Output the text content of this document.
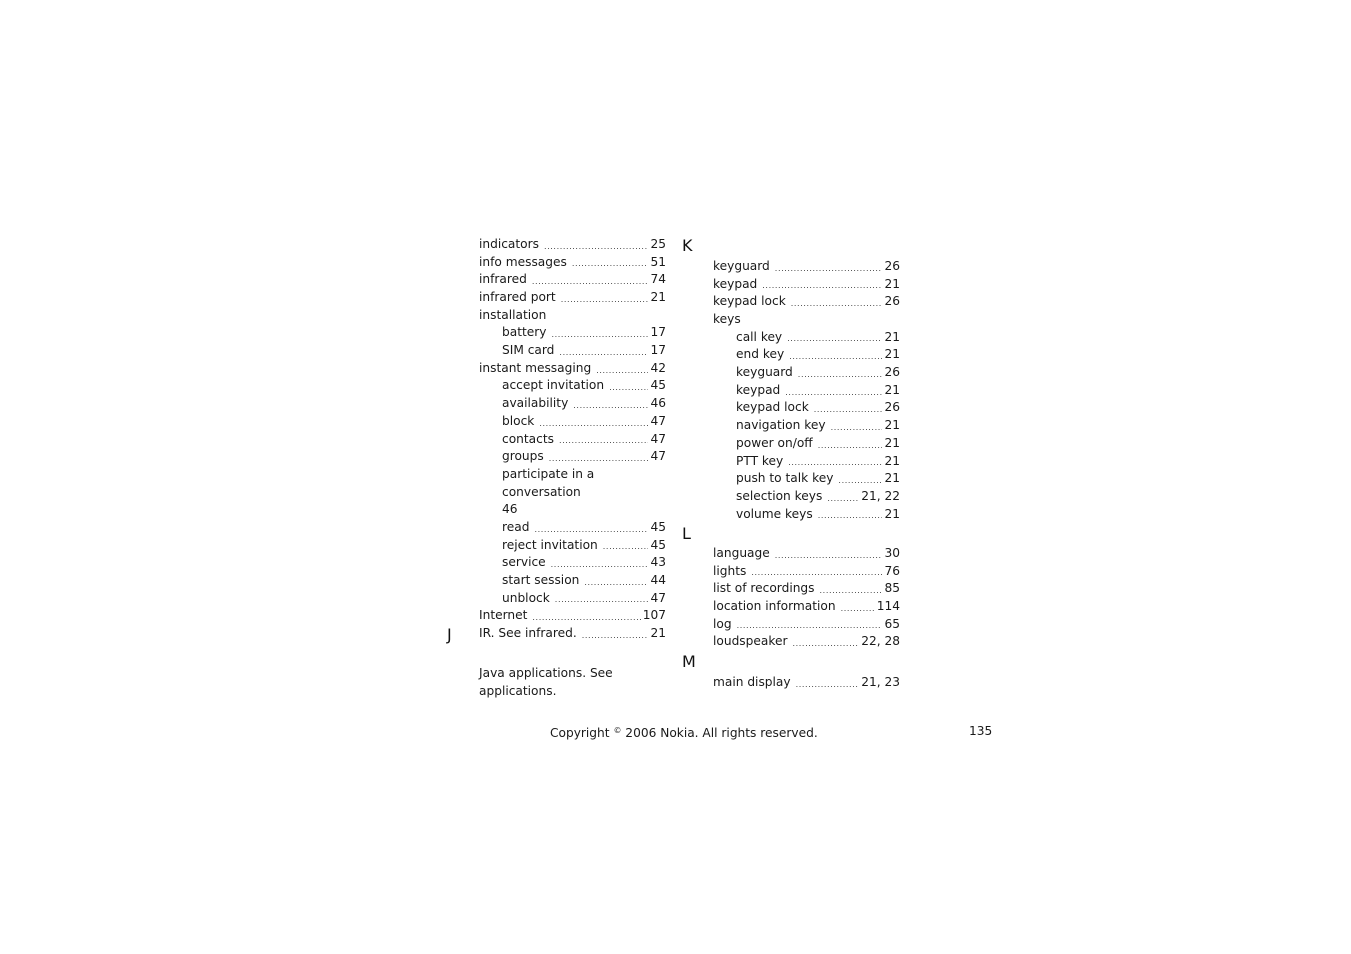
indicators .....	25
info messages .....	51
infrared .....	74
infrared port .....	21
installation
battery .....	17
SIM card .....	17
instant messaging .....	42
accept invitation .....	45
availability .....	46
block .....	47
contacts .....	47
groups .....	47
participate in a conversation
46
read .....	45
reject invitation .....	45
service .....	43
start session .....	44
unblock .....	47
Internet .....	107
IR. See infrared. .....	21
Java applications. See applications.
J
K
keyguard .....	26
keypad .....	21
keypad lock .....	26
keys
call key .....	21
end key .....	21
keyguard .....	26
keypad .....	21
keypad lock .....	26
navigation key .....	21
power on/off .....	21
PTT key .....	21
push to talk key .....	21
selection keys .....	21, 22
volume keys .....	21
L
language .....	30
lights .....	76
list of recordings .....	85
location information .....	114
log .....	65
loudspeaker .....	22, 28
M
main display .....	21, 23
Copyright © 2006 Nokia. All rights reserved.	135
